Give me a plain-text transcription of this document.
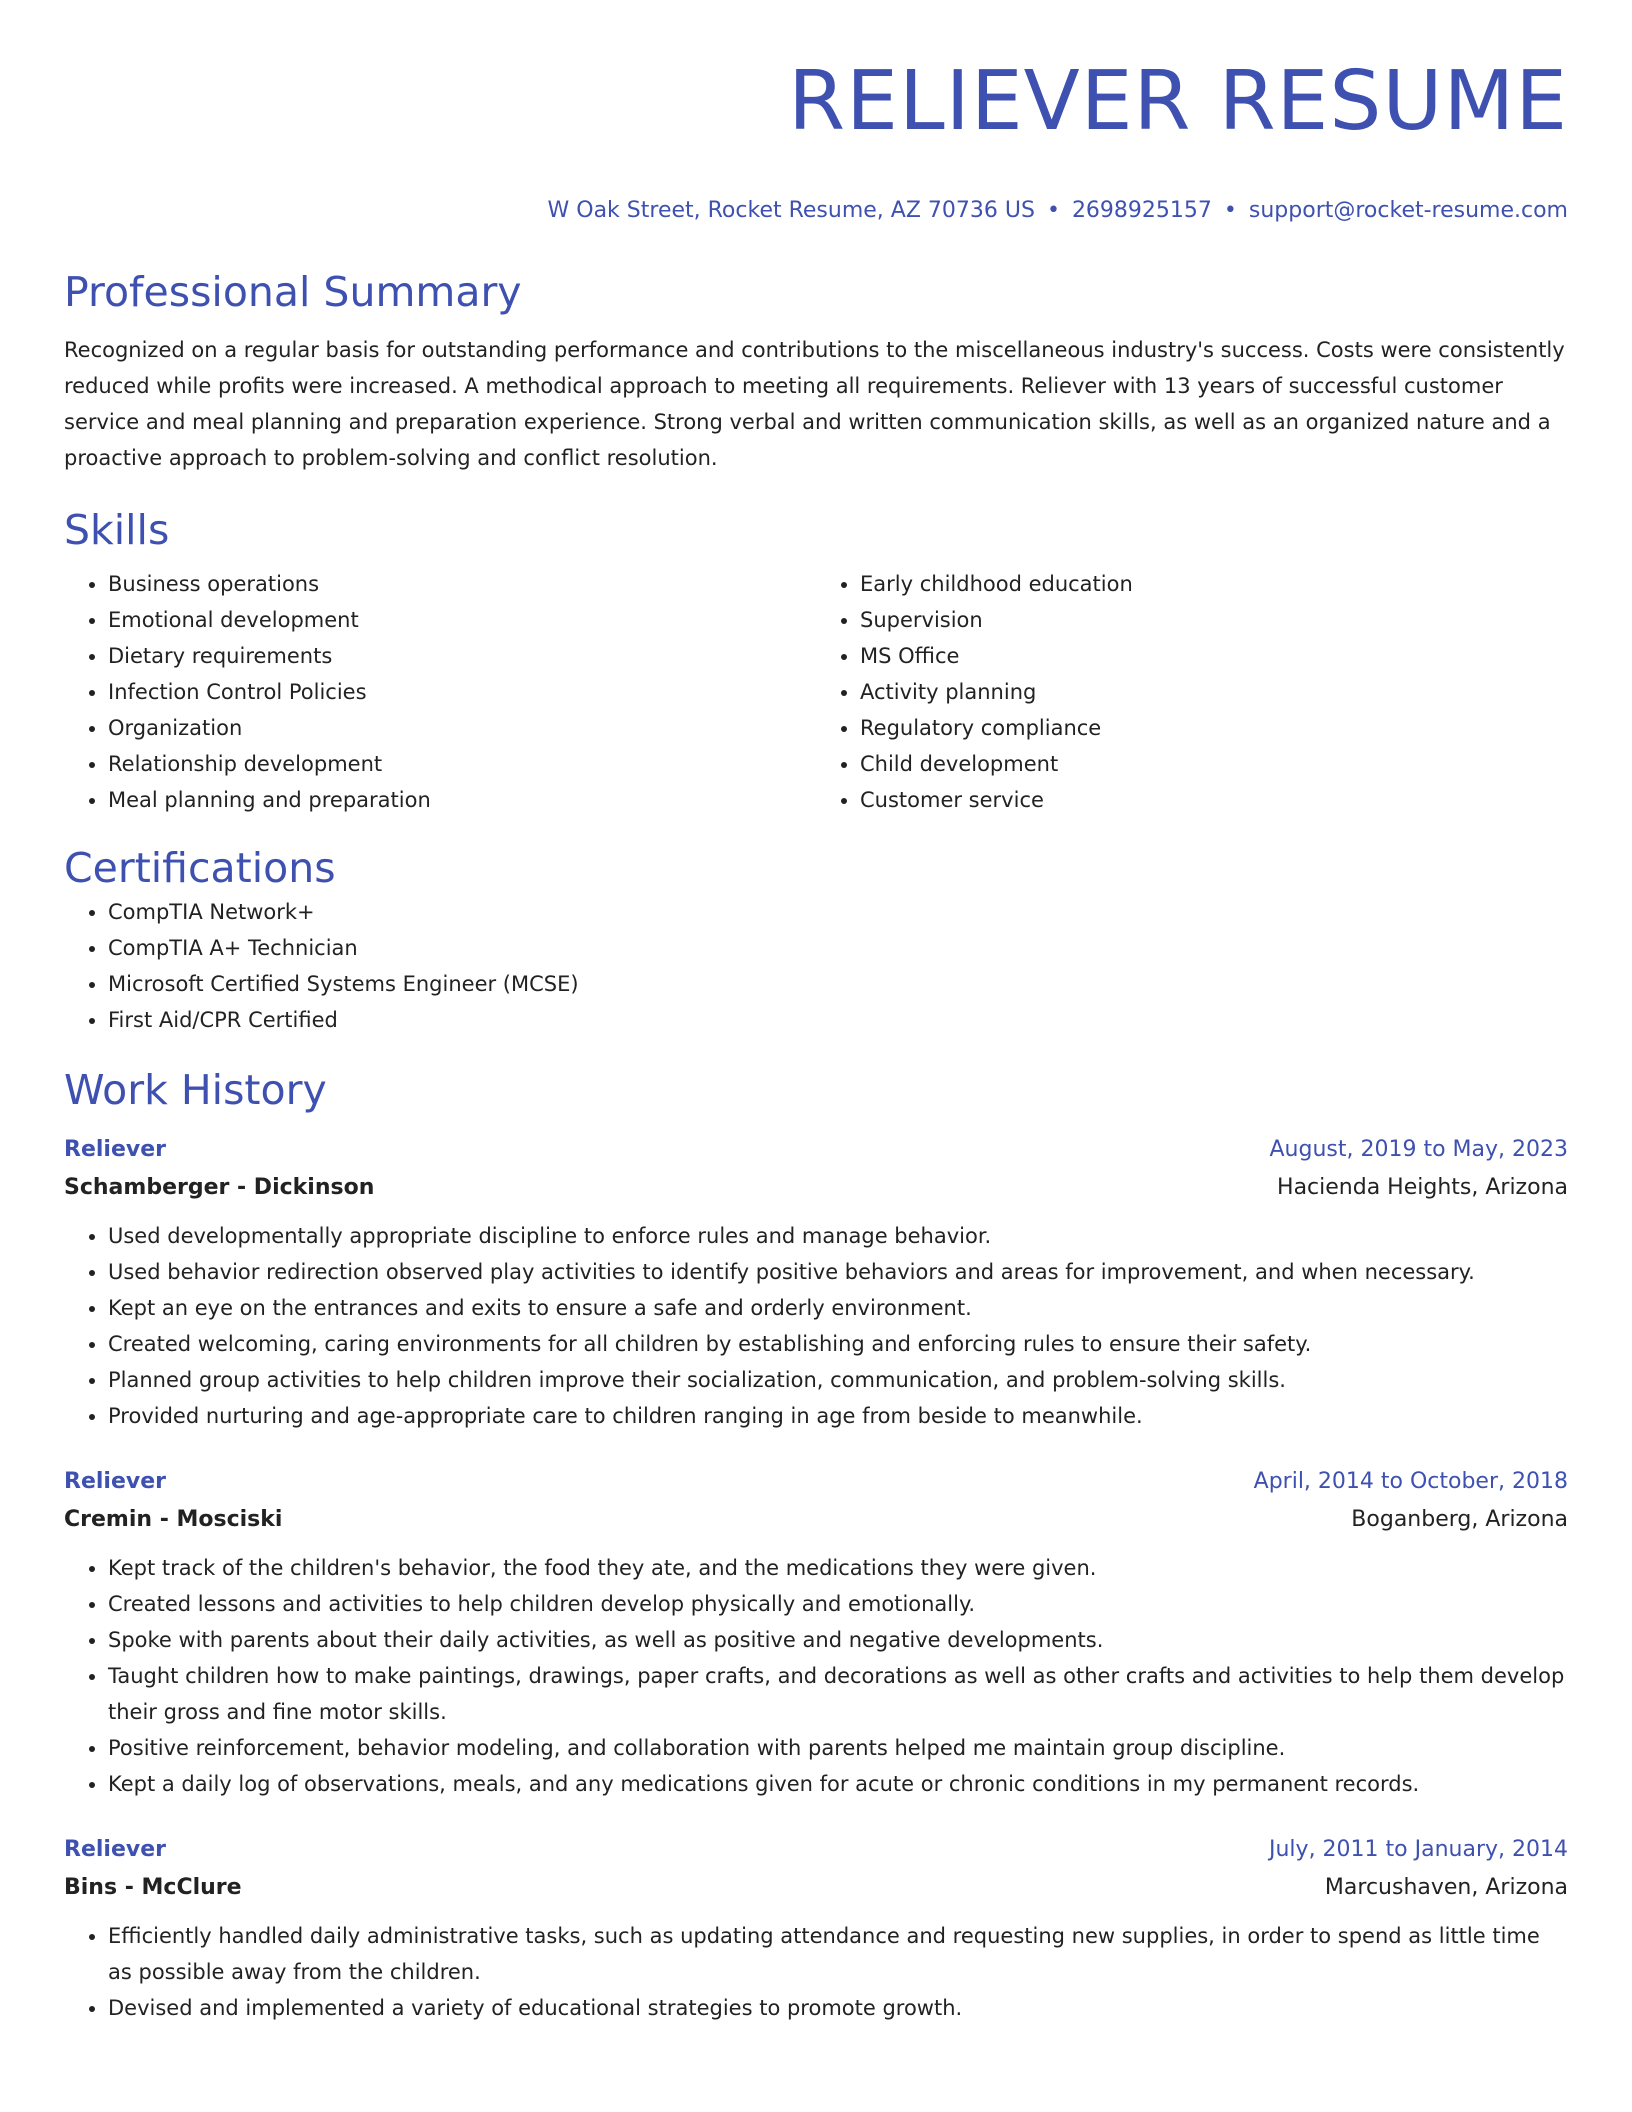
RELIEVER RESUME
W Oak Street, Rocket Resume, AZ 70736 US • 2698925157 • support@rocket-resume.com
Professional Summary
Recognized on a regular basis for outstanding performance and contributions to the miscellaneous industry's success. Costs were consistently reduced while profits were increased. A methodical approach to meeting all requirements. Reliever with 13 years of successful customer service and meal planning and preparation experience. Strong verbal and written communication skills, as well as an organized nature and a proactive approach to problem-solving and conflict resolution.
Skills
• Business operations
• Emotional development
• Dietary requirements
• Infection Control Policies
• Organization
• Relationship development
• Meal planning and preparation
• Early childhood education
• Supervision
• MS Office
• Activity planning
• Regulatory compliance
• Child development
• Customer service
Certifications
• CompTIA Network+
• CompTIA A+ Technician
• Microsoft Certified Systems Engineer (MCSE)
• First Aid/CPR Certified
Work History
Reliever	August, 2019 to May, 2023
Schamberger - Dickinson	Hacienda Heights, Arizona
• Used developmentally appropriate discipline to enforce rules and manage behavior.
• Used behavior redirection observed play activities to identify positive behaviors and areas for improvement, and when necessary.
• Kept an eye on the entrances and exits to ensure a safe and orderly environment.
• Created welcoming, caring environments for all children by establishing and enforcing rules to ensure their safety.
• Planned group activities to help children improve their socialization, communication, and problem-solving skills.
• Provided nurturing and age-appropriate care to children ranging in age from beside to meanwhile.
Reliever	April, 2014 to October, 2018
Cremin - Mosciski	Boganberg, Arizona
• Kept track of the children's behavior, the food they ate, and the medications they were given.
• Created lessons and activities to help children develop physically and emotionally.
• Spoke with parents about their daily activities, as well as positive and negative developments.
• Taught children how to make paintings, drawings, paper crafts, and decorations as well as other crafts and activities to help them develop their gross and fine motor skills.
• Positive reinforcement, behavior modeling, and collaboration with parents helped me maintain group discipline.
• Kept a daily log of observations, meals, and any medications given for acute or chronic conditions in my permanent records.
Reliever	July, 2011 to January, 2014
Bins - McClure	Marcushaven, Arizona
• Efficiently handled daily administrative tasks, such as updating attendance and requesting new supplies, in order to spend as little time as possible away from the children.
• Devised and implemented a variety of educational strategies to promote growth.
